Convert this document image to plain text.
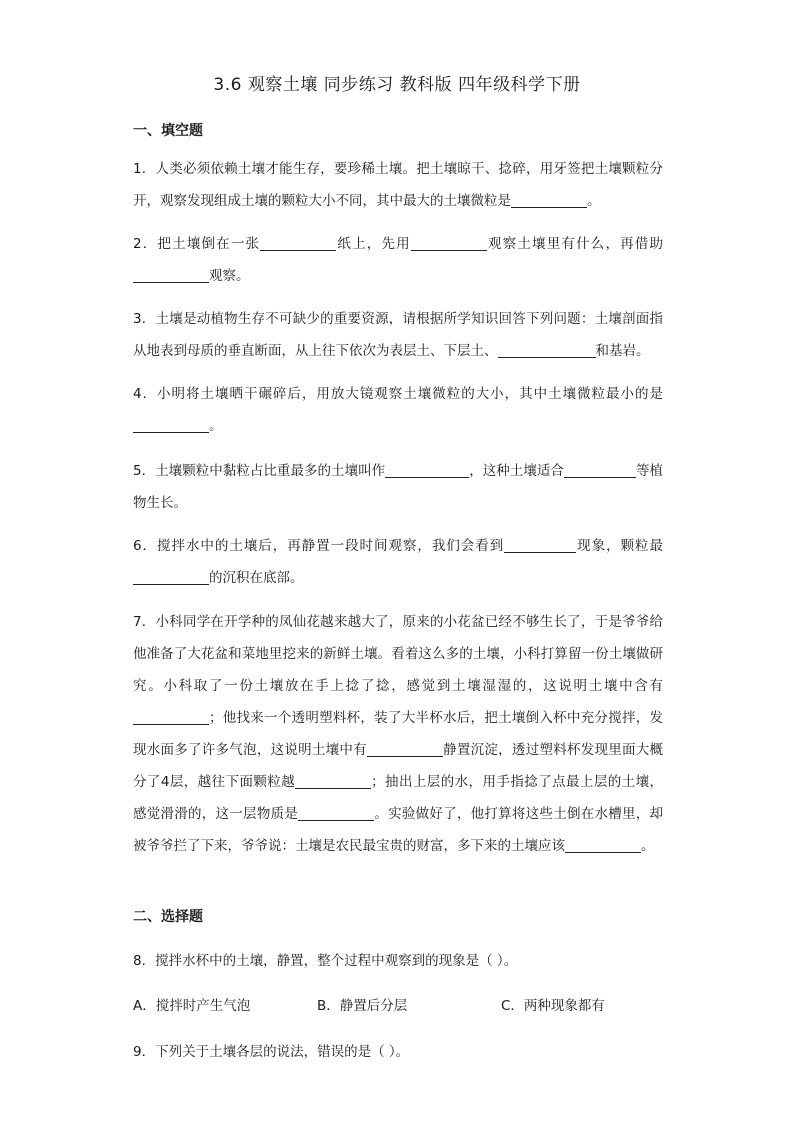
3.6 观察土壤 同步练习 教科版 四年级科学下册
一、填空题
1．人类必须依赖土壤才能生存，要珍稀土壤。把土壤晾干、捻碎，用牙签把土壤颗粒分开，观察发现组成土壤的颗粒大小不同，其中最大的土壤微粒是	。
2．把土壤倒在一张	纸上，先用	观察土壤里有什么，再借助观察。
3．土壤是动植物生存不可缺少的重要资源，请根据所学知识回答下列问题：土壤剖面指从地表到母质的垂直断面，从上往下依次为表层土、下层土、	和基岩。
4．小明将土壤晒干碾碎后，用放大镜观察土壤微粒的大小，其中土壤微粒最小的是。
5．土壤颗粒中黏粒占比重最多的土壤叫作	，这种土壤适合	等植物生长。
6．搅拌水中的土壤后，再静置一段时间观察，我们会看到	现象，颗粒最的沉积在底部。
7．小科同学在开学种的凤仙花越来越大了，原来的小花盆已经不够生长了，于是爷爷给他准备了大花盆和菜地里挖来的新鲜土壤。看着这么多的土壤，小科打算留一份土壤做研究。小科取了一份土壤放在手上捻了捻，感觉到土壤湿湿的，这说明土壤中含有；他找来一个透明塑料杯，装了大半杯水后，把土壤倒入杯中充分搅拌，发现水面多了许多气泡，这说明土壤中有	静置沉淀，透过塑料杯发现里面大概分了4层，越往下面颗粒越	；抽出上层的水，用手指捻了点最上层的土壤，感觉滑滑的，这一层物质是	。实验做好了，他打算将这些土倒在水槽里，却被爷爷拦了下来，爷爷说：土壤是农民最宝贵的财富，多下来的土壤应该	。
二、选择题
8．搅拌水杯中的土壤，静置，整个过程中观察到的现象是（ ）。
A．搅拌时产生气泡	B．静置后分层	C．两种现象都有
9．下列关于土壤各层的说法，错误的是（ ）。
